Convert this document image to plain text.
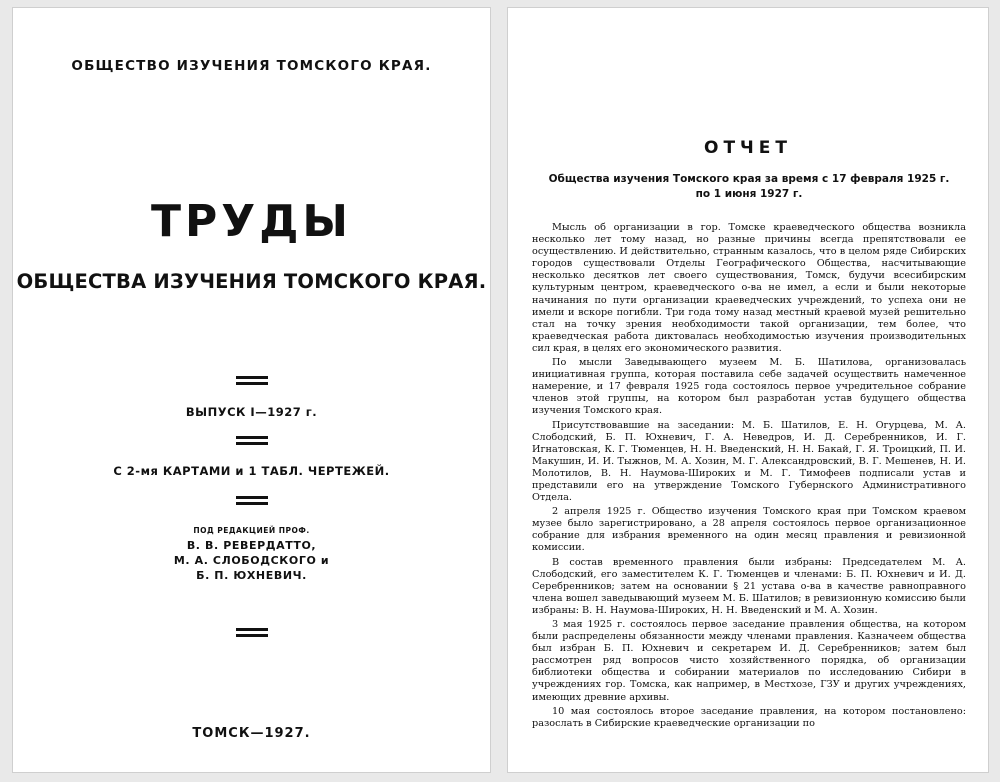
ОБЩЕСТВО ИЗУЧЕНИЯ ТОМСКОГО КРАЯ.
ТРУДЫ
ОБЩЕСТВА ИЗУЧЕНИЯ ТОМСКОГО КРАЯ.
ВЫПУСК I—1927 г.
С 2-мя КАРТАМИ и 1 ТАБЛ. ЧЕРТЕЖЕЙ.
ПОД РЕДАКЦИЕЙ ПРОФ.
В. В. РЕВЕРДАТТО,
М. А. СЛОБОДСКОГО и
Б. П. ЮХНЕВИЧ.
ТОМСК—1927.
ОТЧЕТ
Общества изучения Томского края за время с 17 февраля 1925 г.
по 1 июня 1927 г.

Мысль об организации в гор. Томске краеведческого общества возникла несколько лет тому назад, но разные причины всегда препятствовали ее осуществлению. И действительно, странным казалось, что в целом ряде Сибирских городов существовали Отделы Географического Общества, насчитывающие несколько десятков лет своего существования, Томск, будучи всесибирским культурным центром, краеведческого о-ва не имел, а если и были некоторые начинания по пути организации краеведческих учреждений, то успеха они не имели и вскоре погибли. Три года тому назад местный краевой музей решительно стал на точку зрения необходимости такой организации, тем более, что краеведческая работа диктовалась необходимостью изучения производительных сил края, в целях его экономического развития.

По мысли Заведывающего музеем М. Б. Шатилова, организовалась инициативная группа, которая поставила себе задачей осуществить намеченное намерение, и 17 февраля 1925 года состоялось первое учредительное собрание членов этой группы, на котором был разработан устав будущего общества изучения Томского края.

Присутствовавшие на заседании: М. Б. Шатилов, Е. Н. Огурцева, М. А. Слободский, Б. П. Юхневич, Г. А. Неведров, И. Д. Серебренников, И. Г. Игнатовская, К. Г. Тюменцев, Н. Н. Введенский, Н. Н. Бакай, Г. Я. Троицкий, П. И. Макушин, И. И. Тыжнов, М. А. Хозин, М. Г. Александровский, В. Г. Мешенев, Н. И. Молотилов, В. Н. Наумова-Широких и М. Г. Тимофеев подписали устав и представили его на утверждение Томского Губернского Административного Отдела.

2 апреля 1925 г. Общество изучения Томского края при Томском краевом музее было зарегистрировано, а 28 апреля состоялось первое организационное собрание для избрания временного на один месяц правления и ревизионной комиссии.

В состав временного правления были избраны: Председателем М. А. Слободский, его заместителем К. Г. Тюменцев и членами: Б. П. Юхневич и И. Д. Серебренников; затем на основании § 21 устава о-ва в качестве равноправного члена вошел заведывающий музеем М. Б. Шатилов; в ревизионную комиссию были избраны: В. Н. Наумова-Широких, Н. Н. Введенский и М. А. Хозин.

3 мая 1925 г. состоялось первое заседание правления общества, на котором были распределены обязанности между членами правления. Казначеем общества был избран Б. П. Юхневич и секретарем И. Д. Серебренников; затем был рассмотрен ряд вопросов чисто хозяйственного порядка, об организации библиотеки общества и собирании материалов по исследованию Сибири в учреждениях гор. Томска, как например, в Местхозе, ГЗУ и других учреждениях, имеющих древние архивы.

10 мая состоялось второе заседание правления, на котором постановлено: разослать в Сибирские краеведческие организации по
